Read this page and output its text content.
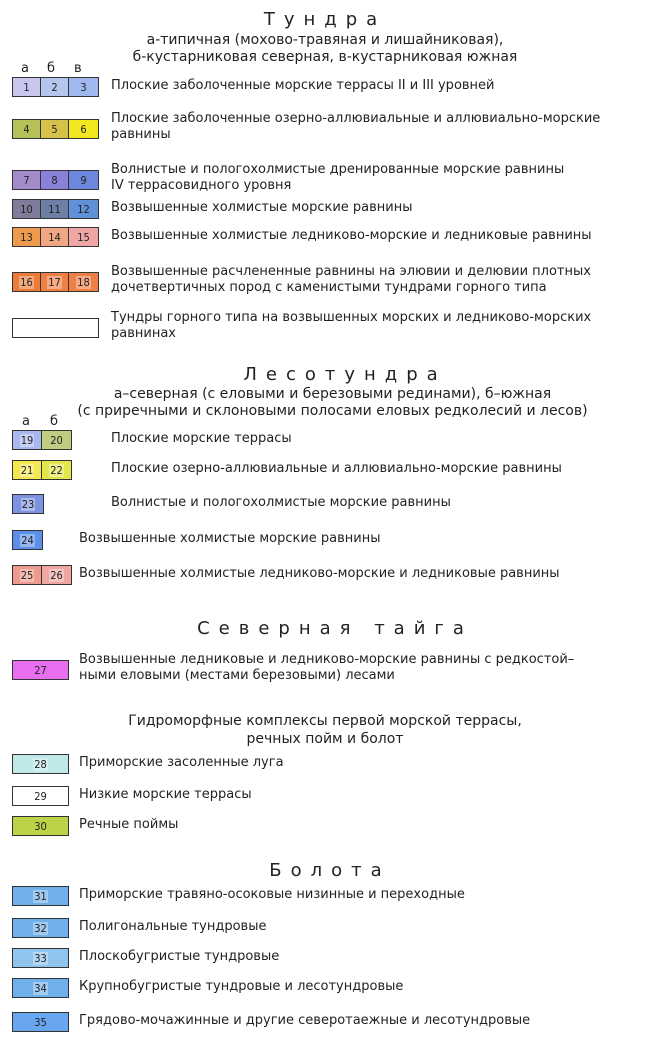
Тундра
а-типичная (мохово-травяная и лишайниковая),
б-кустарниковая северная, в-кустарниковая южная
а б в
1 2 3 Плоские заболоченные морские террасы II и III уровней
4 5 6
Плоские заболоченные озерно-аллювиальные и аллювиально-морские
равнины
7 8 9
Волнистые и пологохолмистые дренированные морские равнины
IV террасовидного уровня
10 11 12 Возвышенные холмистые морские равнины
13 14 15 Возвышенные холмистые ледниково-морские и ледниковые равнины
16 17 18
Возвышенные расчлененные равнины на элювии и делювии плотных
дочетвертичных пород с каменистыми тундрами горного типа
Тундры горного типа на возвышенных морских и ледниково-морских
равнинах
Лесотундра
а–северная (с еловыми и березовыми рединами), б–южная
(с приречными и склоновыми полосами еловых редколесий и лесов)
а б
19 20	Плоские морские террасы
21 22	Плоские озерно-аллювиальные и аллювиально-морские равнины
23	Волнистые и пологохолмистые морские равнины
24	Возвышенные холмистые морские равнины
25 26 Возвышенные холмистые ледниково-морские и ледниковые равнины
Северная тайга
27
Возвышенные ледниковые и ледниково-морские равнины с редкостой–
ными еловыми (местами березовыми) лесами
Гидроморфные комплексы первой морской террасы,
речных пойм и болот
28 Приморские засоленные луга
29 Низкие морские террасы
30 Речные поймы
Болота
31 Приморские травяно-осоковые низинные и переходные
32 Полигональные тундровые
33 Плоскобугристые тундровые
34 Крупнобугристые тундровые и лесотундровые
35 Грядово-мочажинные и другие северотаежные и лесотундровые
